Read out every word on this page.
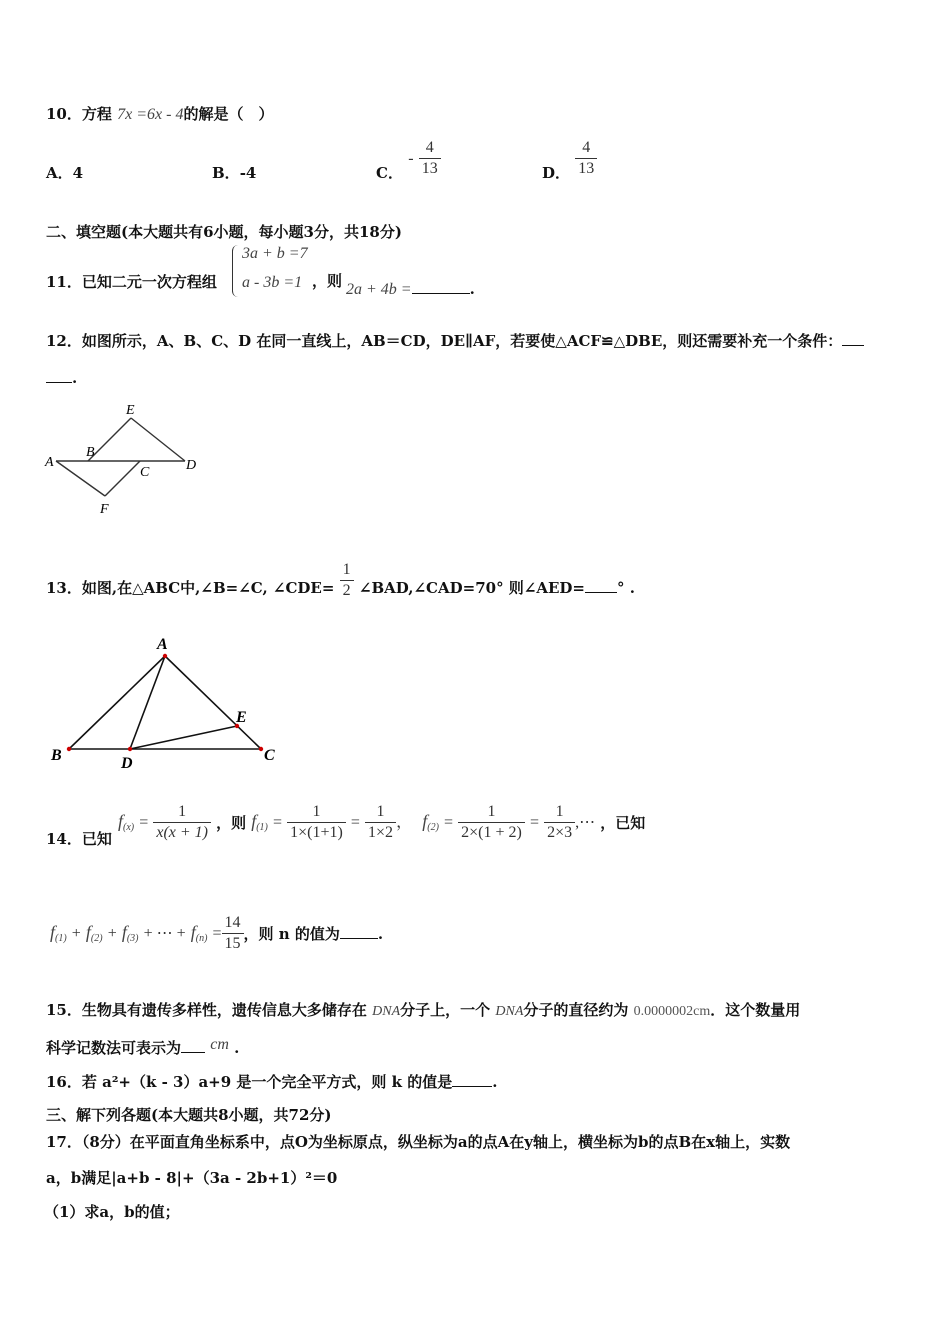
10．方程 7x =6x - 4的解是（　）
A．4	B．-4	C． - $\frac{4}{13}$	D． $\frac{4}{13}$
二、填空题(本大题共有6小题，每小题3分，共18分)
11．已知二元一次方程组
3a + b =7
a - 3b =1 ，则 2a + 4b =	.
12．如图所示，A、B、C、D 在同一直线上，AB＝CD，DE∥AF，若要使△ACF≌△DBE，则还需要补充一个条件：
.
E
A
B
C	D
F
13．如图,在△ABC中,∠B=∠C, ∠CDE= $\frac{1}{2}$ ∠BAD,∠CAD=70° 则∠AED= ° .
A
E
B	D	C
14．已知
$f_{(x)} = \frac{1}{x(x + 1)}$ ，则 $f_{(1)} = \frac{1}{1\times(1+1)} = \frac{1}{1\times 2}$ ， $f_{(2)} = \frac{1}{2\times(1 + 2)} = \frac{1}{2\times 3}$ ,⋯ ，已知
$f_{(1)} + f_{(2)} + f_{(3)}$ + ⋯ + $f_{(n)} = \frac{14}{15}$ ，则 n 的值为	.
15．生物具有遗传多样性，遗传信息大多储存在 DNA分子上，一个 DNA分子的直径约为 0.0000002cm．这个数量用
科学记数法可表示为 cm .
16．若 a²+（k - 3）a+9 是一个完全平方式，则 k 的值是	.
三、解下列各题(本大题共8小题，共72分)
17．（8分）在平面直角坐标系中，点O为坐标原点，纵坐标为a的点A在y轴上，横坐标为b的点B在x轴上，实数
a，b满足|a+b - 8|+（3a - 2b+1）²＝0
（1）求a，b的值；
